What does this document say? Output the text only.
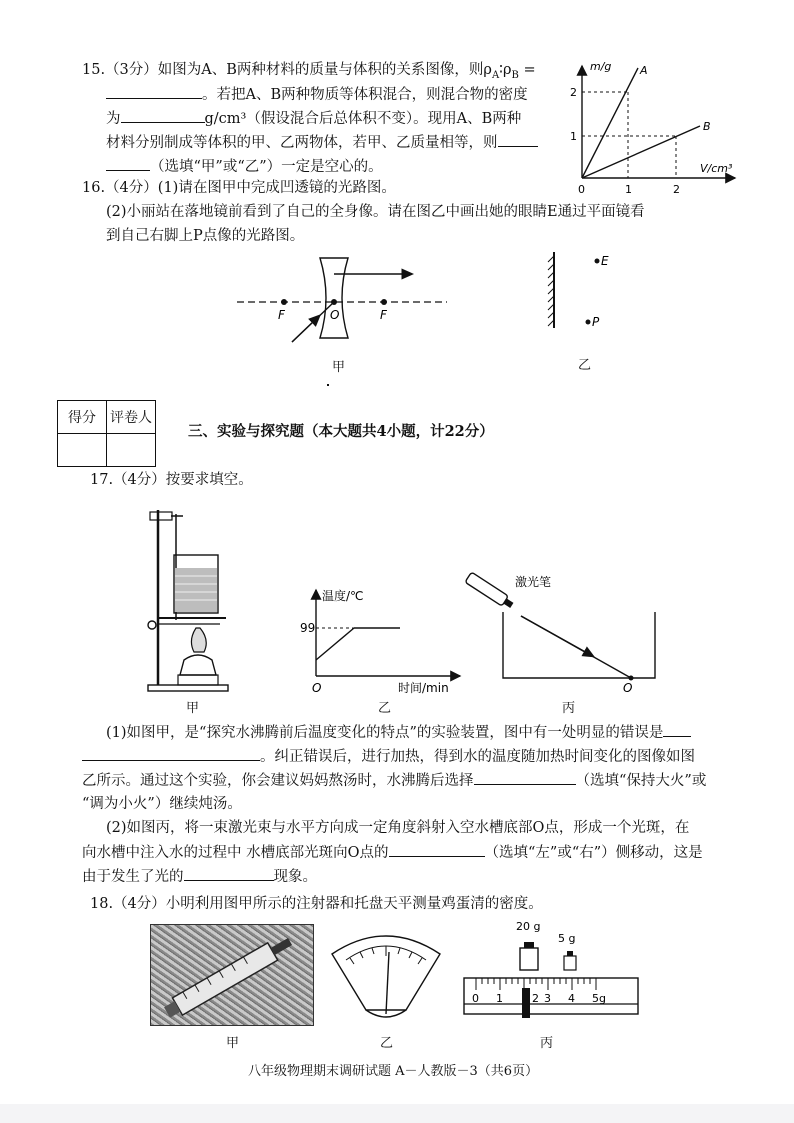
15.（3分）如图为A、B两种材料的质量与体积的关系图像，则$\rho_A∶\rho_B$ =
。若把A、B两种物质等体积混合，则混合物的密度
为	g/cm³（假设混合后总体积不变）。现用A、B两种
材料分别制成等体积的甲、乙两物体，若甲、乙质量相等，则
（选填“甲”或“乙”）一定是空心的。
m/g
V/cm³
0
1
2
1	2
A
B
16.（4分）(1)请在图甲中完成凹透镜的光路图。
(2)小丽站在落地镜前看到了自己的全身像。请在图乙中画出她的眼睛E通过平面镜看
到自己右脚上P点像的光路图。
F	O	F
甲
E
P
乙
得分	评卷人

三、实验与探究题（本大题共4小题，计22分）
17.（4分）按要求填空。
甲
温度/℃
99
O	时间/min
乙
激光笔
O
丙
(1)如图甲，是“探究水沸腾前后温度变化的特点”的实验装置，图中有一处明显的错误是
。纠正错误后，进行加热，得到水的温度随加热时间变化的图像如图
乙所示。通过这个实验，你会建议妈妈熬汤时，水沸腾后选择	（选填“保持大火”或
“调为小火”）继续炖汤。
(2)如图丙，将一束激光束与水平方向成一定角度斜射入空水槽底部O点，形成一个光斑，在
向水槽中注入水的过程中 水槽底部光斑向O点的	（选填“左”或“右”）侧移动，这是
由于发生了光的	现象。
18.（4分）小明利用图甲所示的注射器和托盘天平测量鸡蛋清的密度。
甲	乙
20 g
5 g
0 1	2 3 4 5g
丙
八年级物理期末调研试题 A－人教版－3（共6页）
